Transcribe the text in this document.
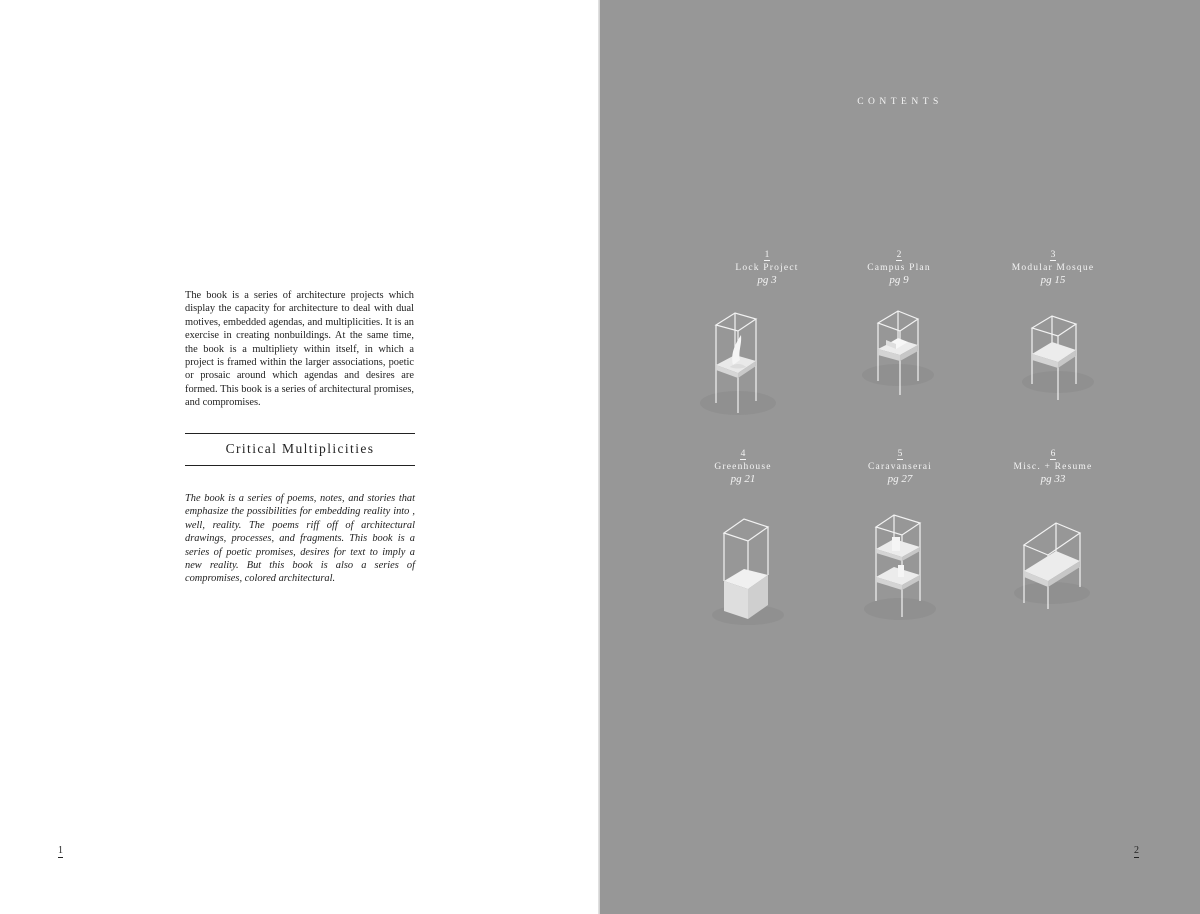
The book is a series of architecture projects which display the capacity for architecture to deal with dual motives, embedded agendas, and multiplicities. It is an exercise in creating nonbuildings. At the same time, the book is a multipliety within itself, in which a project is framed within the larger associations, poetic or prosaic around which agendas and desires are formed. This book is a series of architectural promises, and compromises.
Critical Multiplicities
The book is a series of poems, notes, and stories that emphasize the possibilities for embedding reality into , well, reality. The poems riff off of architectural drawings, processes, and fragments. This book is a series of poetic promises, desires for text to imply a new reality. But this book is also a series of compromises, colored architectural.
1
CONTENTS
1
Lock Project
pg 3
2
Campus Plan
pg 9
3
Modular Mosque
pg 15
4
Greenhouse
pg 21
5
Caravanserai
pg 27
6
Misc. + Resume
pg 33
2
